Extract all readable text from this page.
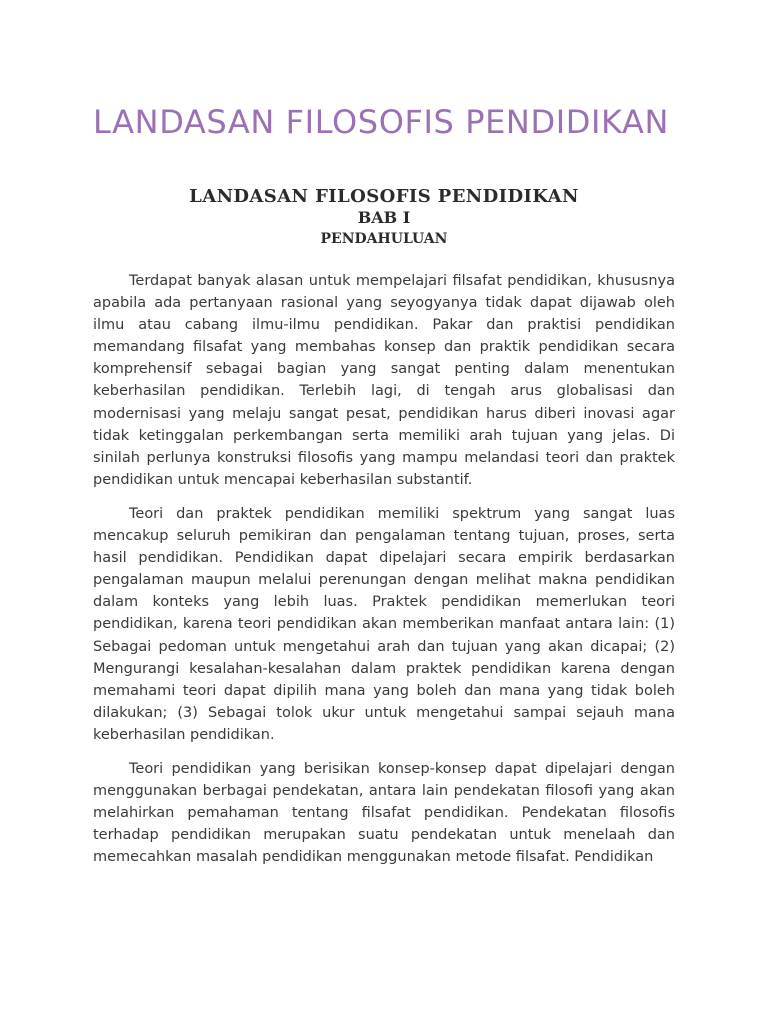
LANDASAN FILOSOFIS PENDIDIKAN
LANDASAN FILOSOFIS PENDIDIKAN
BAB I
PENDAHULUAN

Terdapat banyak alasan untuk mempelajari filsafat pendidikan, khususnya apabila ada pertanyaan rasional yang seyogyanya tidak dapat dijawab oleh ilmu atau cabang ilmu-ilmu pendidikan. Pakar dan praktisi pendidikan memandang filsafat yang membahas konsep dan praktik pendidikan secara komprehensif sebagai bagian yang sangat penting dalam menentukan keberhasilan pendidikan. Terlebih lagi, di tengah arus globalisasi dan modernisasi yang melaju sangat pesat, pendidikan harus diberi inovasi agar tidak ketinggalan perkembangan serta memiliki arah tujuan yang jelas. Di sinilah perlunya konstruksi filosofis yang mampu melandasi teori dan praktek pendidikan untuk mencapai keberhasilan substantif.

Teori dan praktek pendidikan memiliki spektrum yang sangat luas mencakup seluruh pemikiran dan pengalaman tentang tujuan, proses, serta hasil pendidikan. Pendidikan dapat dipelajari secara empirik berdasarkan pengalaman maupun melalui perenungan dengan melihat makna pendidikan dalam konteks yang lebih luas. Praktek pendidikan memerlukan teori pendidikan, karena teori pendidikan akan memberikan manfaat antara lain: (1) Sebagai pedoman untuk mengetahui arah dan tujuan yang akan dicapai; (2) Mengurangi kesalahan-kesalahan dalam praktek pendidikan karena dengan memahami teori dapat dipilih mana yang boleh dan mana yang tidak boleh dilakukan; (3) Sebagai tolok ukur untuk mengetahui sampai sejauh mana keberhasilan pendidikan.

Teori pendidikan yang berisikan konsep-konsep dapat dipelajari dengan menggunakan berbagai pendekatan, antara lain pendekatan filosofi yang akan melahirkan pemahaman tentang filsafat pendidikan. Pendekatan filosofis terhadap pendidikan merupakan suatu pendekatan untuk menelaah dan memecahkan masalah pendidikan menggunakan metode filsafat. Pendidikan
